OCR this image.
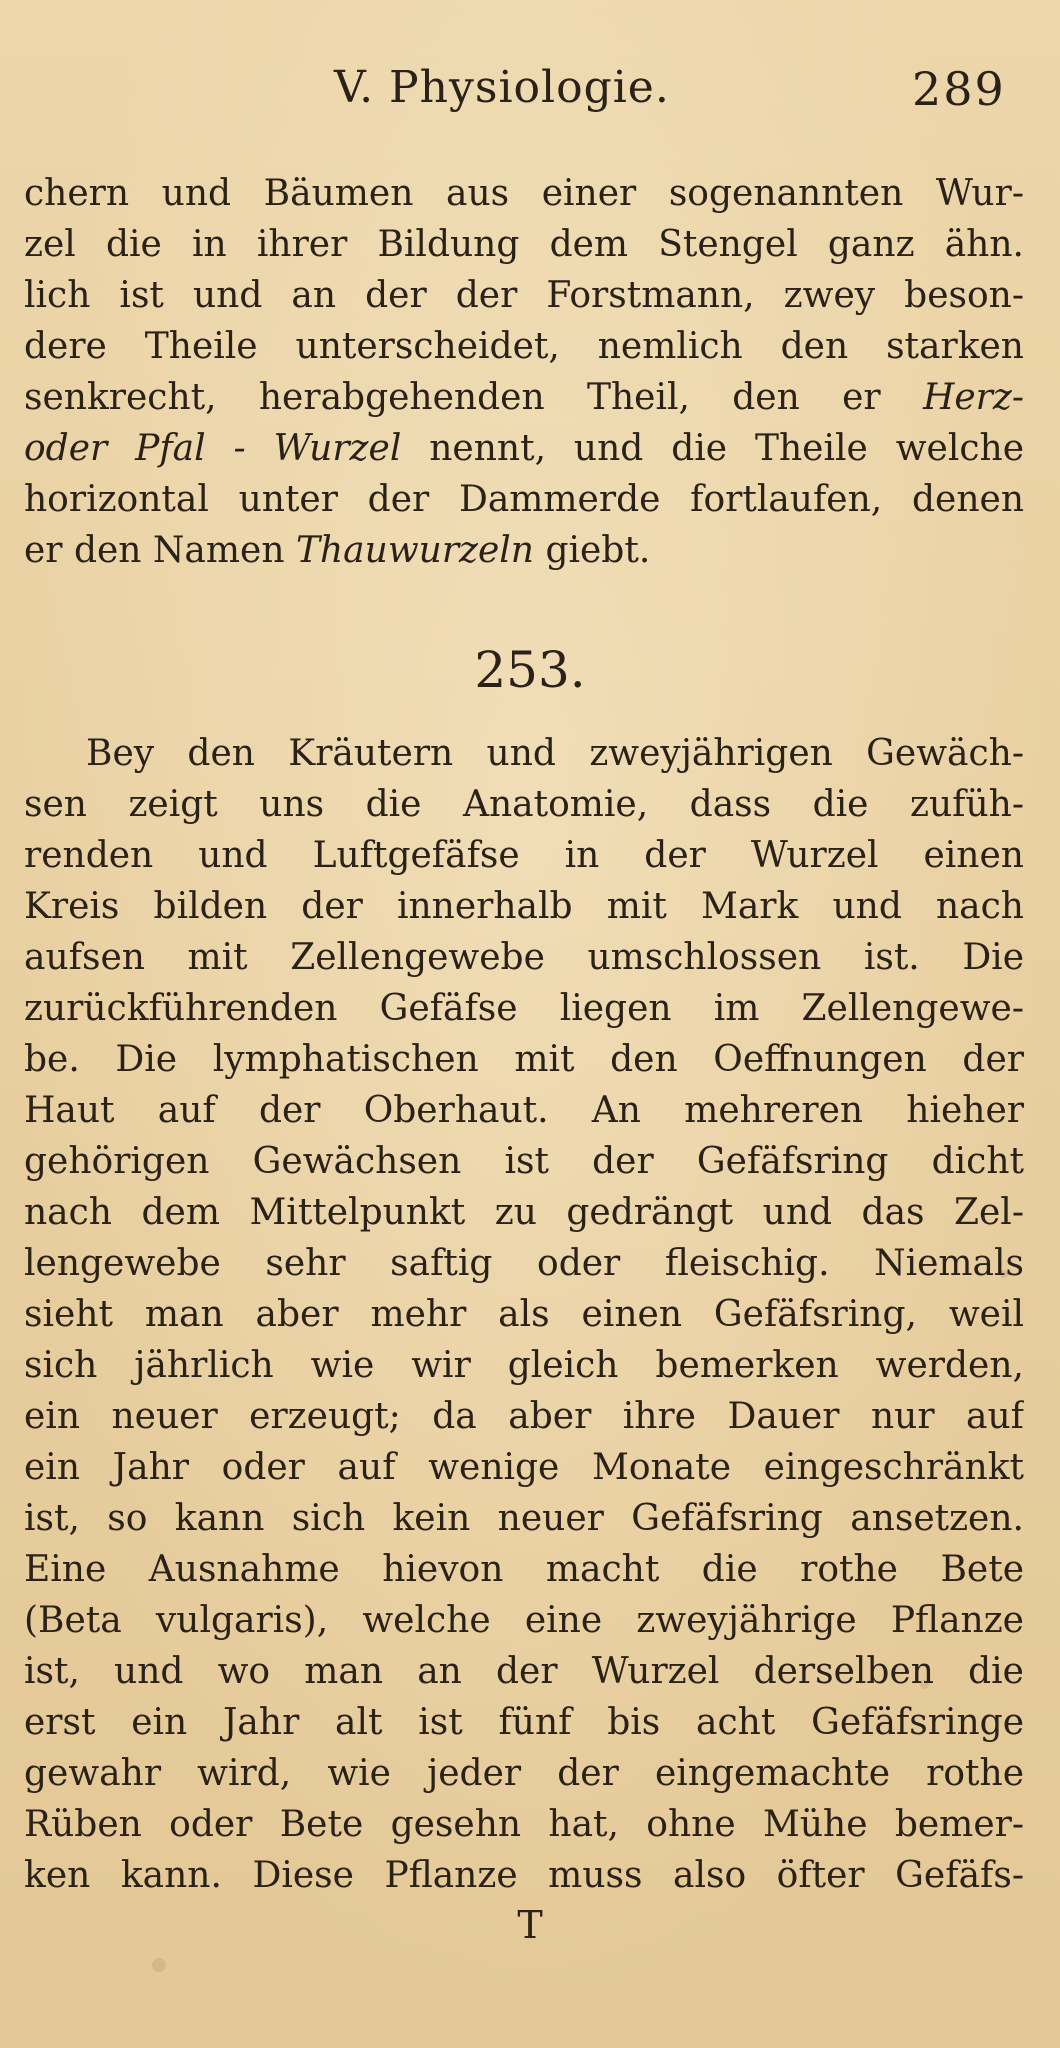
V. Physiologie.	289
chern und Bäumen aus einer sogenannten Wur-
zel die in ihrer Bildung dem Stengel ganz ähn.
lich ist und an der der Forstmann, zwey beson-
dere Theile unterscheidet, nemlich den starken
senkrecht, herabgehenden Theil, den er Herz-
oder Pfal - Wurzel nennt, und die Theile welche
horizontal unter der Dammerde fortlaufen, denen
er den Namen Thauwurzeln giebt.
253.
Bey den Kräutern und zweyjährigen Gewäch-
sen zeigt uns die Anatomie, dass die zufüh-
renden und Luftgefäfse in der Wurzel einen
Kreis bilden der innerhalb mit Mark und nach
aufsen mit Zellengewebe umschlossen ist. Die
zurückführenden Gefäfse liegen im Zellengewe-
be. Die lymphatischen mit den Oeffnungen der
Haut auf der Oberhaut. An mehreren hieher
gehörigen Gewächsen ist der Gefäfsring dicht
nach dem Mittelpunkt zu gedrängt und das Zel-
lengewebe sehr saftig oder fleischig. Niemals
sieht man aber mehr als einen Gefäfsring, weil
sich jährlich wie wir gleich bemerken werden,
ein neuer erzeugt; da aber ihre Dauer nur auf
ein Jahr oder auf wenige Monate eingeschränkt
ist, so kann sich kein neuer Gefäfsring ansetzen.
Eine Ausnahme hievon macht die rothe Bete
(Beta vulgaris), welche eine zweyjährige Pflanze
ist, und wo man an der Wurzel derselben die
erst ein Jahr alt ist fünf bis acht Gefäfsringe
gewahr wird, wie jeder der eingemachte rothe
Rüben oder Bete gesehn hat, ohne Mühe bemer-
ken kann. Diese Pflanze muss also öfter Gefäfs-
T
